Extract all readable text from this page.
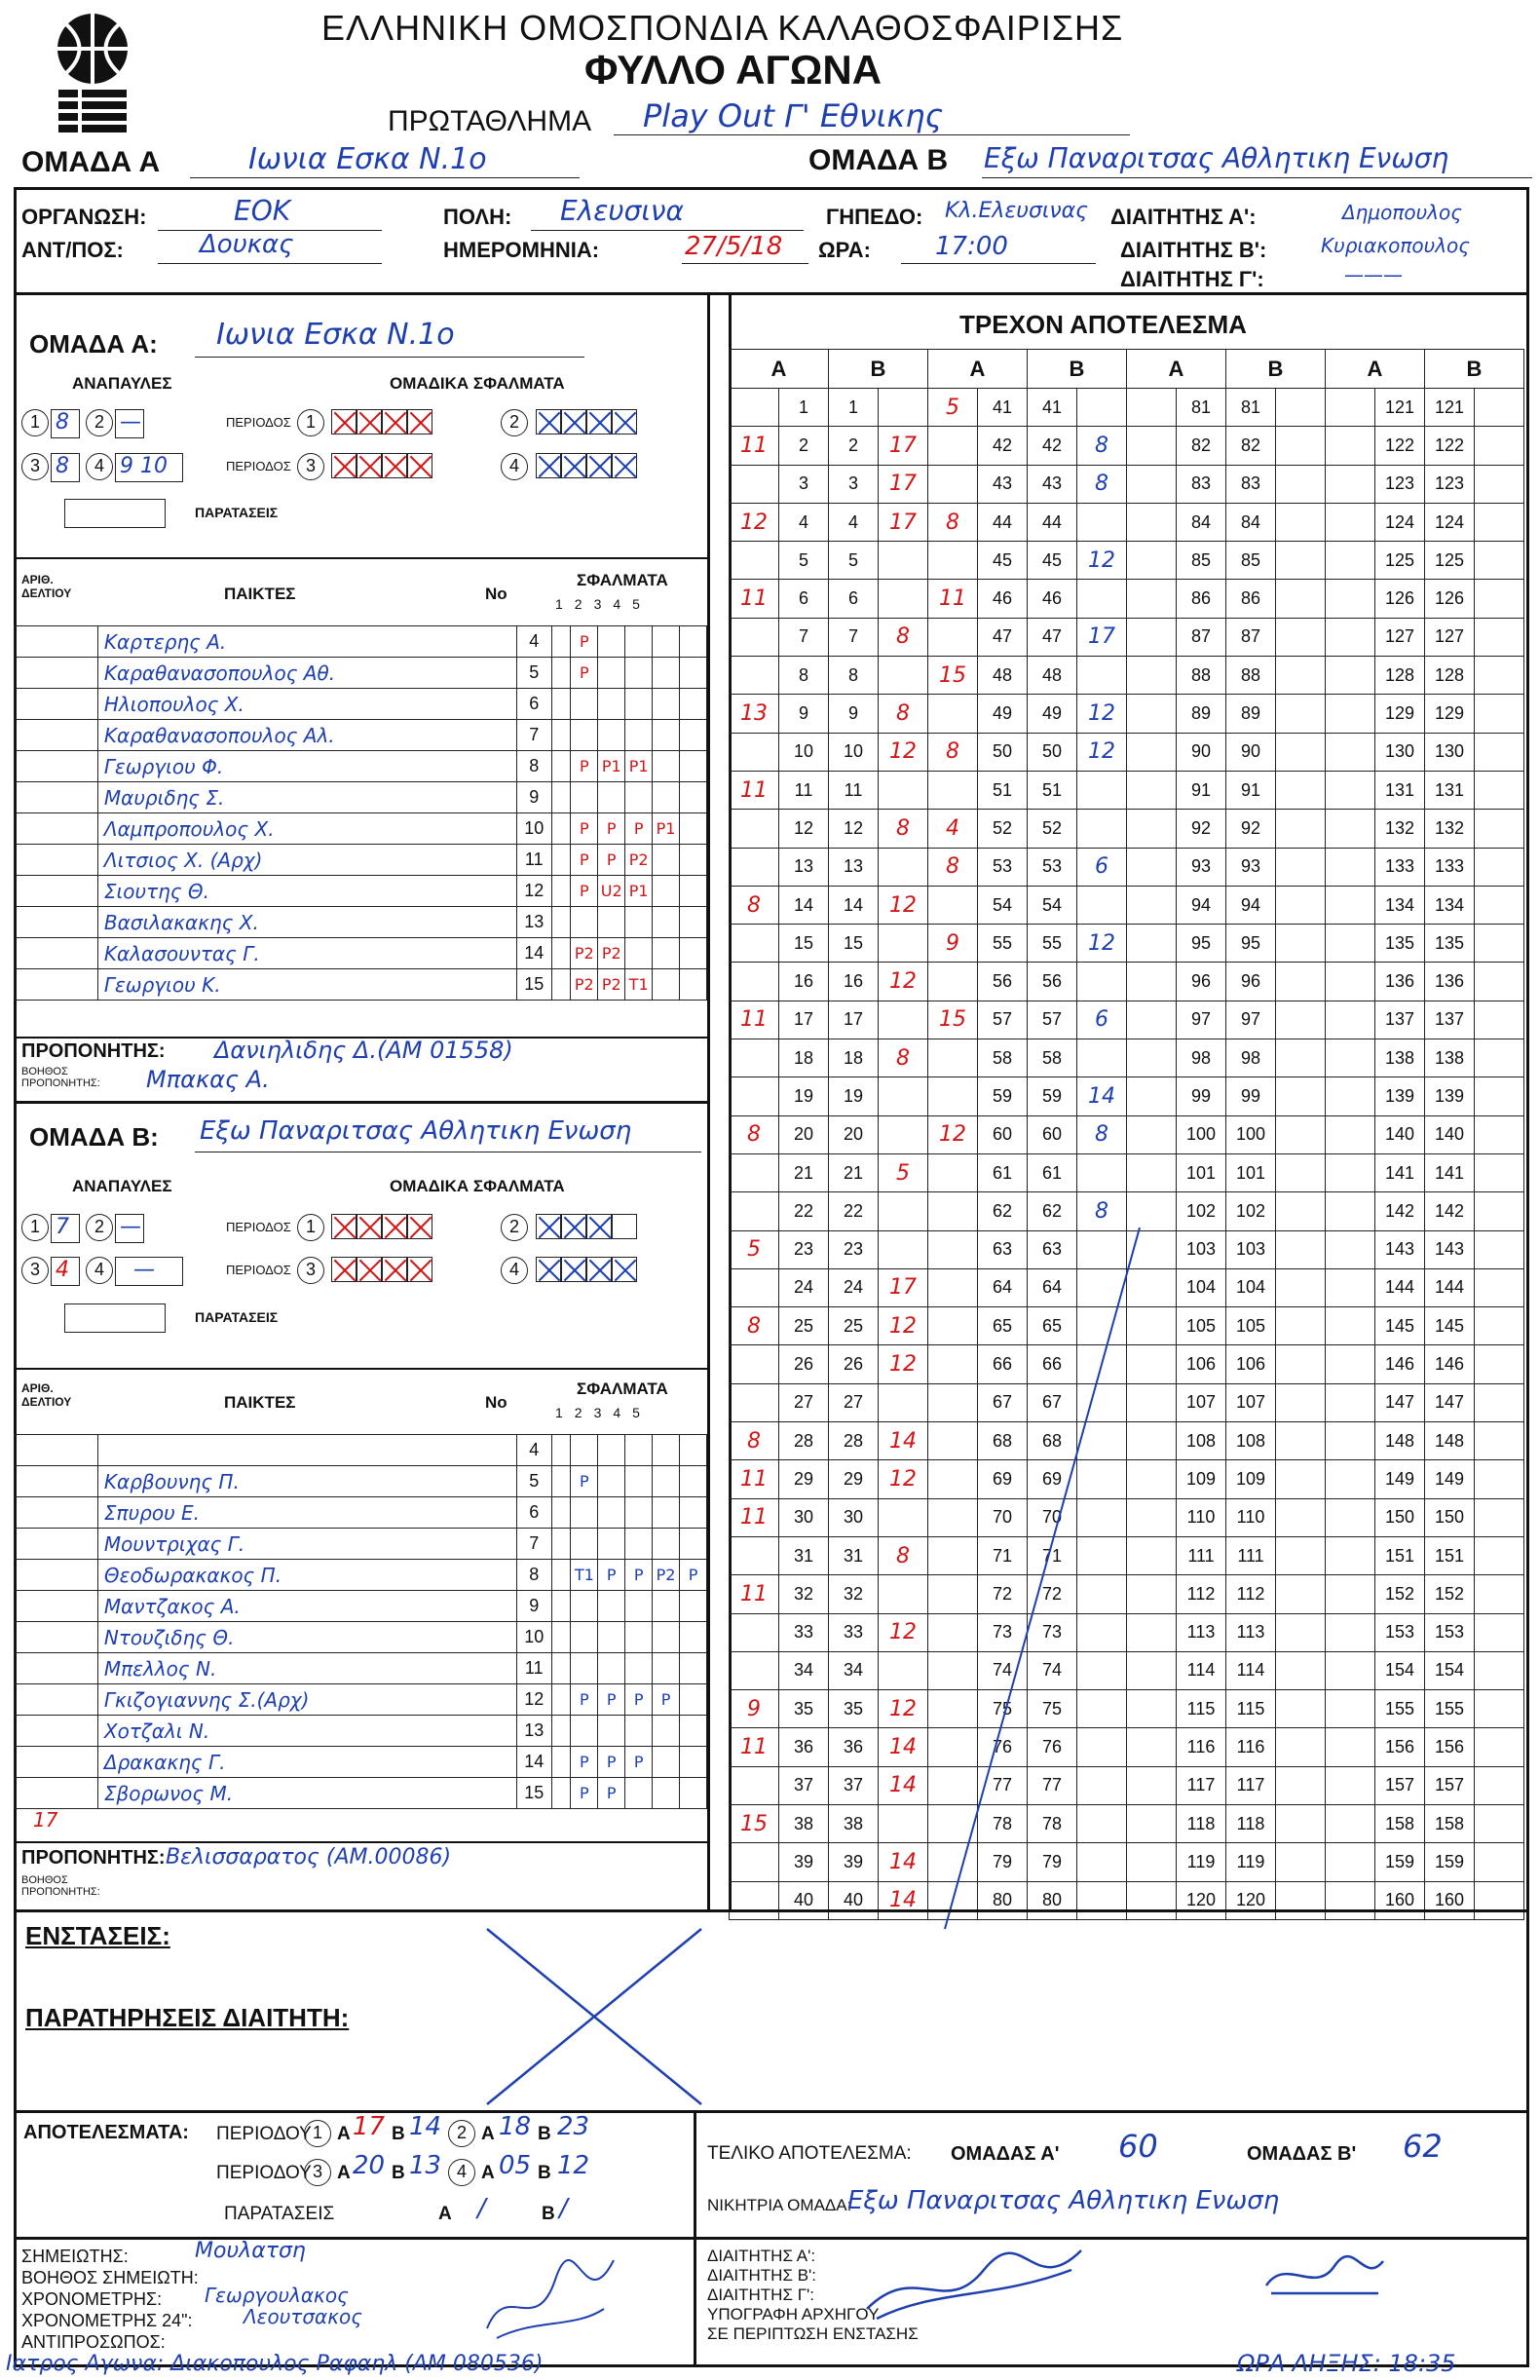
ΕΛΛΗΝΙΚΗ ΟΜΟΣΠΟΝΔΙΑ ΚΑΛΑΘΟΣΦΑΙΡΙΣΗΣ
ΦΥΛΛΟ ΑΓΩΝΑ
ΠΡΩΤΑΘΛΗΜΑ Play Out Γ' Εθνικης
ΟΜΑΔΑ Α	Ιωνια Εσκα Ν.1ο	ΟΜΑΔΑ Β Εξω Παναριτσας Αθλητικη Ενωση
ΟΡΓΑΝΩΣΗ:	ΕΟΚ	ΠΟΛΗ: Ελευσινα	ΓΗΠΕΔΟ: Κλ.Ελευσινας ΔΙΑΙΤΗΤΗΣ Α':	Δημοπουλος
ΑΝΤ/ΠΟΣ:	Δουκας	ΗΜΕΡΟΜΗΝΙΑ:	27/5/18 ΩΡΑ:	17:00	ΔΙΑΙΤΗΤΗΣ Β':	Κυριακοπουλος
ΔΙΑΙΤΗΤΗΣ Γ':	———
ΟΜΑΔΑ Α: Ιωνια Εσκα Ν.1ο
ΑΝΑΠΑΥΛΕΣ	ΟΜΑΔΙΚΑ ΣΦΑΛΜΑΤΑ
1 8	2 —	ΠΕΡΙΟΔΟΣ 1	2
3 8	4 9 10	ΠΕΡΙΟΔΟΣ 3	4
ΠΑΡΑΤΑΣΕΙΣ
ΑΡΙΘ. ΔΕΛΤΙΟΥ	ΠΑΙΚΤΕΣ	No
ΣΦΑΛΜΑΤΑ
12345
	Καρτερης Α.	4		P				
	Καραθανασοπουλος Αθ.	5		P				
	Ηλιοπουλος Χ.	6						
	Καραθανασοπουλος Αλ.	7						
	Γεωργιου Φ.	8		P	P1	P1		
	Μαυριδης Σ.	9						
	Λαμπροπουλος Χ.	10		P	P	P	P1	
	Λιτσιος Χ. (Αρχ)	11		P	P	P2		
	Σιουτης Θ.	12		P	U2	P1		
	Βασιλακακης Χ.	13						
	Καλασουντας Γ.	14		P2	P2			
	Γεωργιου Κ.	15		P2	P2	T1		
ΠΡΟΠΟΝΗΤΗΣ: Δανιηλιδης Δ.(ΑΜ 01558)
ΒΟΗΘΟΣ ΠΡΟΠΟΝΗΤΗΣ:	Μπακας Α.
ΟΜΑΔΑ Β: Εξω Παναριτσας Αθλητικη Ενωση
ΑΝΑΠΑΥΛΕΣ	ΟΜΑΔΙΚΑ ΣΦΑΛΜΑΤΑ
1 7	2 —	ΠΕΡΙΟΔΟΣ 1	2
3 4	4	—	ΠΕΡΙΟΔΟΣ 3	4
ΠΑΡΑΤΑΣΕΙΣ
ΑΡΙΘ. ΔΕΛΤΙΟΥ	ΠΑΙΚΤΕΣ	No
ΣΦΑΛΜΑΤΑ
12345
		4						
	Καρβουνης Π.	5		P				
	Σπυρου Ε.	6						
	Μουντριχας Γ.	7						
	Θεοδωρακακος Π.	8		T1	P	P	P2	P
	Μαντζακος Α.	9						
	Ντουζιδης Θ.	10						
	Μπελλος Ν.	11						
	Γκιζογιαννης Σ.(Αρχ)	12		P	P	P	P	
	Χοτζαλι Ν.	13						
	Δρακακης Γ.	14		P	P	P		
	Σβορωνος Μ.	15		P	P			
17
ΠΡΟΠΟΝΗΤΗΣ: Βελισσαρατος (ΑΜ.00086)
ΒΟΗΘΟΣ ΠΡΟΠΟΝΗΤΗΣ:
ΤΡΕΧΟΝ ΑΠΟΤΕΛΕΣΜΑ
Α		Β		Α		Β		Α		Β		Α		Β	
	1	1		5	41	41			81	81			121	121	
11	2	2	17		42	42	8		82	82			122	122	
	3	3	17		43	43	8		83	83			123	123	
12	4	4	17	8	44	44			84	84			124	124	
	5	5			45	45	12		85	85			125	125	
11	6	6		11	46	46			86	86			126	126	
	7	7	8		47	47	17		87	87			127	127	
	8	8		15	48	48			88	88			128	128	
13	9	9	8		49	49	12		89	89			129	129	
	10	10	12	8	50	50	12		90	90			130	130	
11	11	11			51	51			91	91			131	131	
	12	12	8	4	52	52			92	92			132	132	
	13	13		8	53	53	6		93	93			133	133	
8	14	14	12		54	54			94	94			134	134	
	15	15		9	55	55	12		95	95			135	135	
	16	16	12		56	56			96	96			136	136	
11	17	17		15	57	57	6		97	97			137	137	
	18	18	8		58	58			98	98			138	138	
	19	19			59	59	14		99	99			139	139	
8	20	20		12	60	60	8		100	100			140	140	
	21	21	5		61	61			101	101			141	141	
	22	22			62	62	8		102	102			142	142	
5	23	23			63	63			103	103			143	143	
	24	24	17		64	64			104	104			144	144	
8	25	25	12		65	65			105	105			145	145	
	26	26	12		66	66			106	106			146	146	
	27	27			67	67			107	107			147	147	
8	28	28	14		68	68			108	108			148	148	
11	29	29	12		69	69			109	109			149	149	
11	30	30			70	70			110	110			150	150	
	31	31	8		71	71			111	111			151	151	
11	32	32			72	72			112	112			152	152	
	33	33	12		73	73			113	113			153	153	
	34	34			74	74			114	114			154	154	
9	35	35	12		75	75			115	115			155	155	
11	36	36	14		76	76			116	116			156	156	
	37	37	14		77	77			117	117			157	157	
15	38	38			78	78			118	118			158	158	
	39	39	14		79	79			119	119			159	159	
	40	40	14		80	80			120	120			160	160	
ΕΝΣΤΑΣΕΙΣ:
ΠΑΡΑΤΗΡΗΣΕΙΣ ΔΙΑΙΤΗΤΗ:
ΑΠΟΤΕΛΕΣΜΑΤΑ: ΠΕΡΙΟΔΟΥ 1 A 17 B 14 2 A 18 B 23
ΠΕΡΙΟΔΟΥ 3 A 20 B 13 4 A 05 B 12
ΠΑΡΑΤΑΣΕΙΣ	A /	B /
ΤΕΛΙΚΟ ΑΠΟΤΕΛΕΣΜΑ: ΟΜΑΔΑΣ Α' 60	ΟΜΑΔΑΣ Β' 62
ΝΙΚΗΤΡΙΑ ΟΜΑΔΑ:
Εξω Παναριτσας Αθλητικη Ενωση
ΣΗΜΕΙΩΤΗΣ:	Μουλατση
ΒΟΗΘΟΣ ΣΗΜΕΙΩΤΗ:
ΧΡΟΝΟΜΕΤΡΗΣ: Γεωργουλακος
ΧΡΟΝΟΜΕΤΡΗΣ 24":	Λεουτσακος
ΑΝΤΙΠΡΟΣΩΠΟΣ:
ΔΙΑΙΤΗΤΗΣ Α':
ΔΙΑΙΤΗΤΗΣ Β':
ΔΙΑΙΤΗΤΗΣ Γ':
ΥΠΟΓΡΑΦΗ ΑΡΧΗΓΟΥ
ΣΕ ΠΕΡΙΠΤΩΣΗ ΕΝΣΤΑΣΗΣ
Ιατρος Αγωνα: Διακοπουλος Ραφαηλ (ΑΜ 080536)	ΩΡΑ ΛΗΞΗΣ: 18:35
